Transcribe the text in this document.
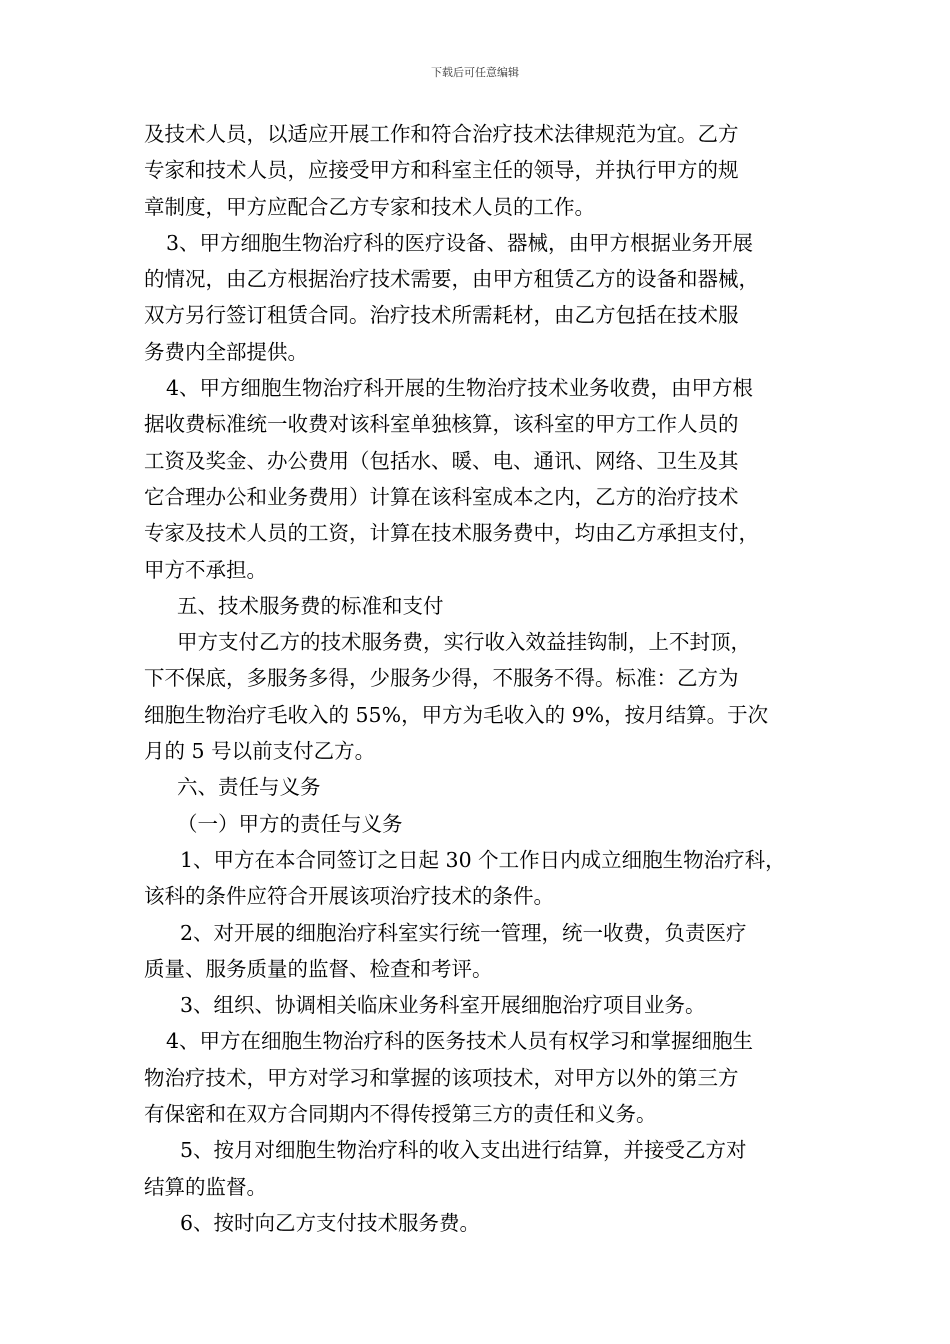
下载后可任意编辑
及技术人员，以适应开展工作和符合治疗技术法律规范为宜。乙方
专家和技术人员，应接受甲方和科室主任的领导，并执行甲方的规
章制度，甲方应配合乙方专家和技术人员的工作。
3、甲方细胞生物治疗科的医疗设备、器械，由甲方根据业务开展
的情况，由乙方根据治疗技术需要，由甲方租赁乙方的设备和器械，
双方另行签订租赁合同。治疗技术所需耗材，由乙方包括在技术服
务费内全部提供。
4、甲方细胞生物治疗科开展的生物治疗技术业务收费，由甲方根
据收费标准统一收费对该科室单独核算，该科室的甲方工作人员的
工资及奖金、办公费用（包括水、暖、电、通讯、网络、卫生及其
它合理办公和业务费用）计算在该科室成本之内，乙方的治疗技术
专家及技术人员的工资，计算在技术服务费中，均由乙方承担支付，
甲方不承担。
五、技术服务费的标准和支付
甲方支付乙方的技术服务费，实行收入效益挂钩制，上不封顶，
下不保底，多服务多得，少服务少得，不服务不得。标准：乙方为
细胞生物治疗毛收入的 55%，甲方为毛收入的 9%，按月结算。于次
月的 5 号以前支付乙方。
六、责任与义务
（一）甲方的责任与义务
1、甲方在本合同签订之日起 30 个工作日内成立细胞生物治疗科，
该科的条件应符合开展该项治疗技术的条件。
2、对开展的细胞治疗科室实行统一管理，统一收费，负责医疗
质量、服务质量的监督、检查和考评。
3、组织、协调相关临床业务科室开展细胞治疗项目业务。
4、甲方在细胞生物治疗科的医务技术人员有权学习和掌握细胞生
物治疗技术，甲方对学习和掌握的该项技术，对甲方以外的第三方
有保密和在双方合同期内不得传授第三方的责任和义务。
5、按月对细胞生物治疗科的收入支出进行结算，并接受乙方对
结算的监督。
6、按时向乙方支付技术服务费。
